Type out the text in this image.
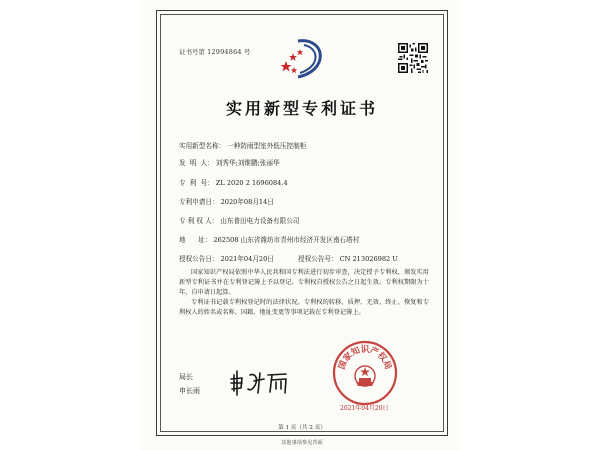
证书号第 12994864 号
实用新型专利证书
实用新型名称： 一种防雨型室外低压控制柜
发  明  人： 刘秀华;刘维鹏;张丽华
专  利  号： ZL 2020 2 1696084.4
专利申请日： 2020年08月14日
专 利 权 人： 山东普田电力设备有限公司
地      址： 262508 山东省潍坊市青州市经济开发区南石塔村
授权公告日： 2021年04月20日	授权公告号： CN 213026982 U

国家知识产权局依照中华人民共和国专利法进行初步审查，决定授予专利权，颁发实用新型专利证书并在专利登记簿上予以登记。专利权自授权公告之日起生效。专利权期限为十年，自申请日起算。

专利证书记载专利权登记时的法律状况。专利权的转移、质押、无效、终止、恢复和专利权人的姓名或名称、国籍、地址变更等事项记载在专利登记簿上。

局长
申长雨
国家知识产权局
2021年04月20日
第 1 页（共 2 页）
其他事项参见背面
